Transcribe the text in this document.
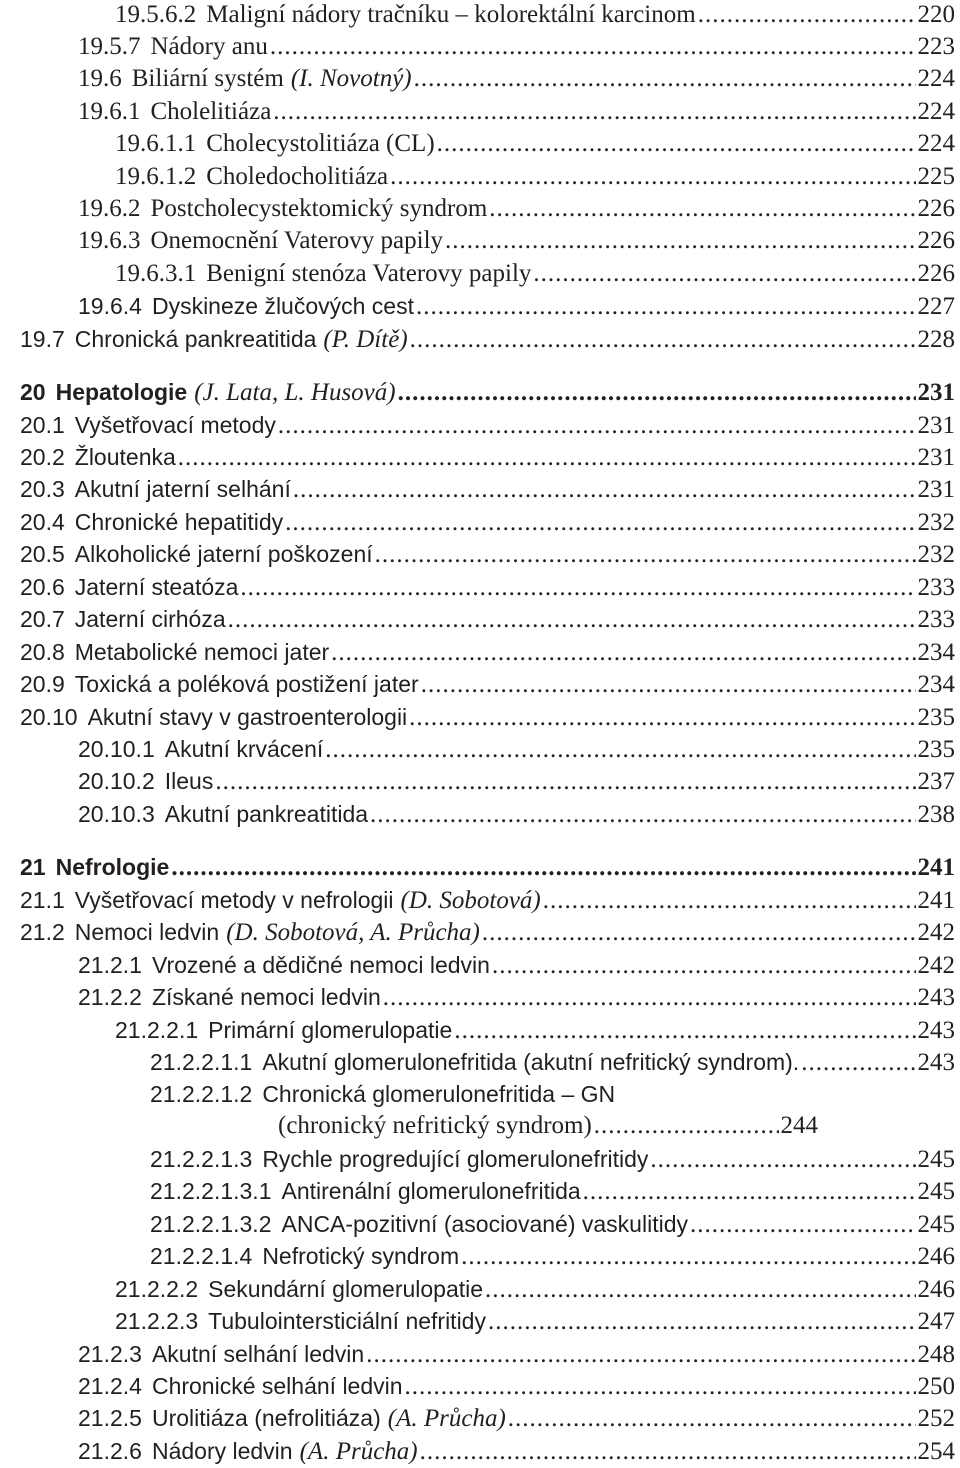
19.5.6.2 Maligní nádory tračníku – kolorektální karcinom .....	220
19.5.7 Nádory anu .....	223
19.6 Biliární systém (I. Novotný) .....	224
19.6.1 Cholelitiáza .....	224
19.6.1.1 Cholecystolitiáza (CL) .....	224
19.6.1.2 Choledocholitiáza .....	225
19.6.2 Postcholecystektomický syndrom .....	226
19.6.3 Onemocnění Vaterovy papily .....	226
19.6.3.1 Benigní stenóza Vaterovy papily .....	226
19.6.4 Dyskineze žlučových cest .....	227
19.7 Chronická pankreatitida (P. Dítě) .....	228
20 Hepatologie (J. Lata, L. Husová) .....	231
20.1 Vyšetřovací metody .....	231
20.2 Žloutenka .....	231
20.3 Akutní jaterní selhání .....	231
20.4 Chronické hepatitidy .....	232
20.5 Alkoholické jaterní poškození .....	232
20.6 Jaterní steatóza .....	233
20.7 Jaterní cirhóza .....	233
20.8 Metabolické nemoci jater .....	234
20.9 Toxická a poléková postižení jater .....	234
20.10 Akutní stavy v gastroenterologii .....	235
20.10.1 Akutní krvácení .....	235
20.10.2 Ileus .....	237
20.10.3 Akutní pankreatitida .....	238
21 Nefrologie .....	241
21.1 Vyšetřovací metody v nefrologii (D. Sobotová) .....	241
21.2 Nemoci ledvin (D. Sobotová, A. Průcha) .....	242
21.2.1 Vrozené a dědičné nemoci ledvin .....	242
21.2.2 Získané nemoci ledvin .....	243
21.2.2.1 Primární glomerulopatie .....	243
21.2.2.1.1 Akutní glomerulonefritida (akutní nefritický syndrom). .....	243
21.2.2.1.2 Chronická glomerulonefritida – GN
(chronický nefritický syndrom) .....	244
21.2.2.1.3 Rychle progredující glomerulonefritidy .....	245
21.2.2.1.3.1 Antirenální glomerulonefritida .....	245
21.2.2.1.3.2 ANCA-pozitivní (asociované) vaskulitidy .....	245
21.2.2.1.4 Nefrotický syndrom .....	246
21.2.2.2 Sekundární glomerulopatie .....	246
21.2.2.3 Tubulointersticiální nefritidy .....	247
21.2.3 Akutní selhání ledvin .....	248
21.2.4 Chronické selhání ledvin .....	250
21.2.5 Urolitiáza (nefrolitiáza) (A. Průcha) .....	252
21.2.6 Nádory ledvin (A. Průcha) .....	254
